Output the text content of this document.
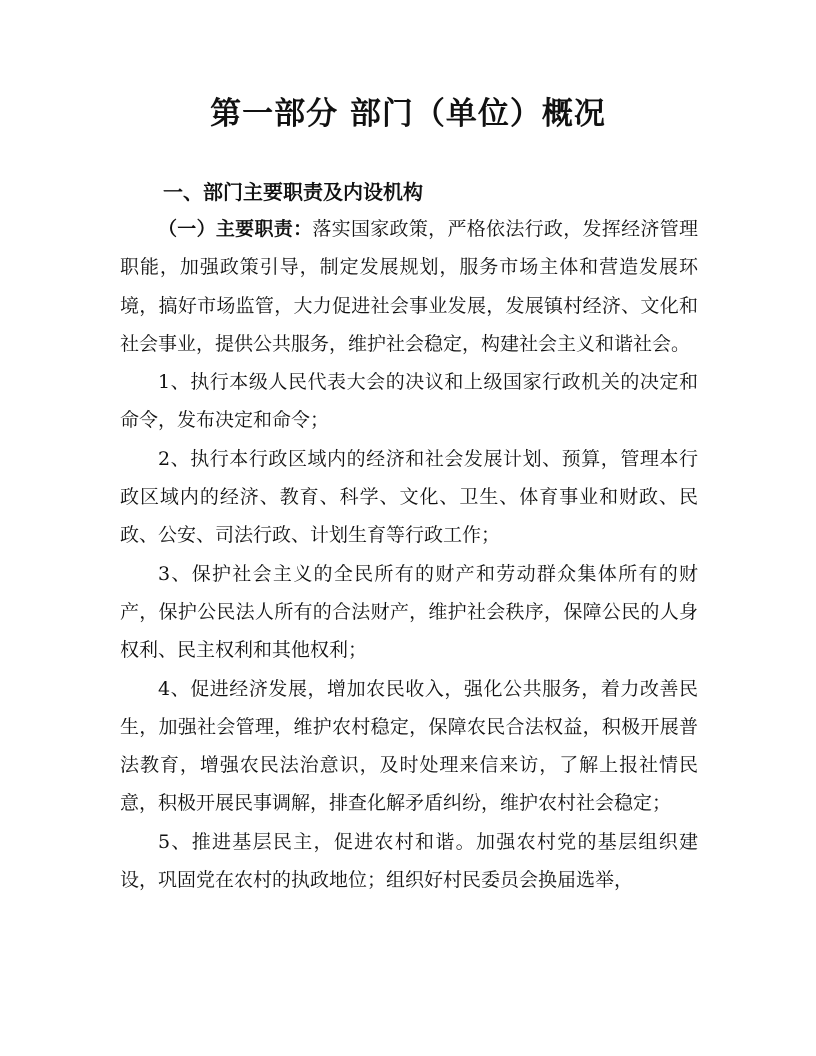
第一部分 部门（单位）概况
一、部门主要职责及内设机构

（一）主要职责：落实国家政策，严格依法行政，发挥经济管理职能，加强政策引导，制定发展规划，服务市场主体和营造发展环境，搞好市场监管，大力促进社会事业发展，发展镇村经济、文化和社会事业，提供公共服务，维护社会稳定，构建社会主义和谐社会。

1、执行本级人民代表大会的决议和上级国家行政机关的决定和命令，发布决定和命令；

2、执行本行政区域内的经济和社会发展计划、预算，管理本行政区域内的经济、教育、科学、文化、卫生、体育事业和财政、民政、公安、司法行政、计划生育等行政工作；

3、保护社会主义的全民所有的财产和劳动群众集体所有的财产，保护公民法人所有的合法财产，维护社会秩序，保障公民的人身权利、民主权利和其他权利；

4、促进经济发展，增加农民收入，强化公共服务，着力改善民生，加强社会管理，维护农村稳定，保障农民合法权益，积极开展普法教育，增强农民法治意识，及时处理来信来访，了解上报社情民意，积极开展民事调解，排查化解矛盾纠纷，维护农村社会稳定；

5、推进基层民主，促进农村和谐。加强农村党的基层组织建设，巩固党在农村的执政地位；组织好村民委员会换届选举，
